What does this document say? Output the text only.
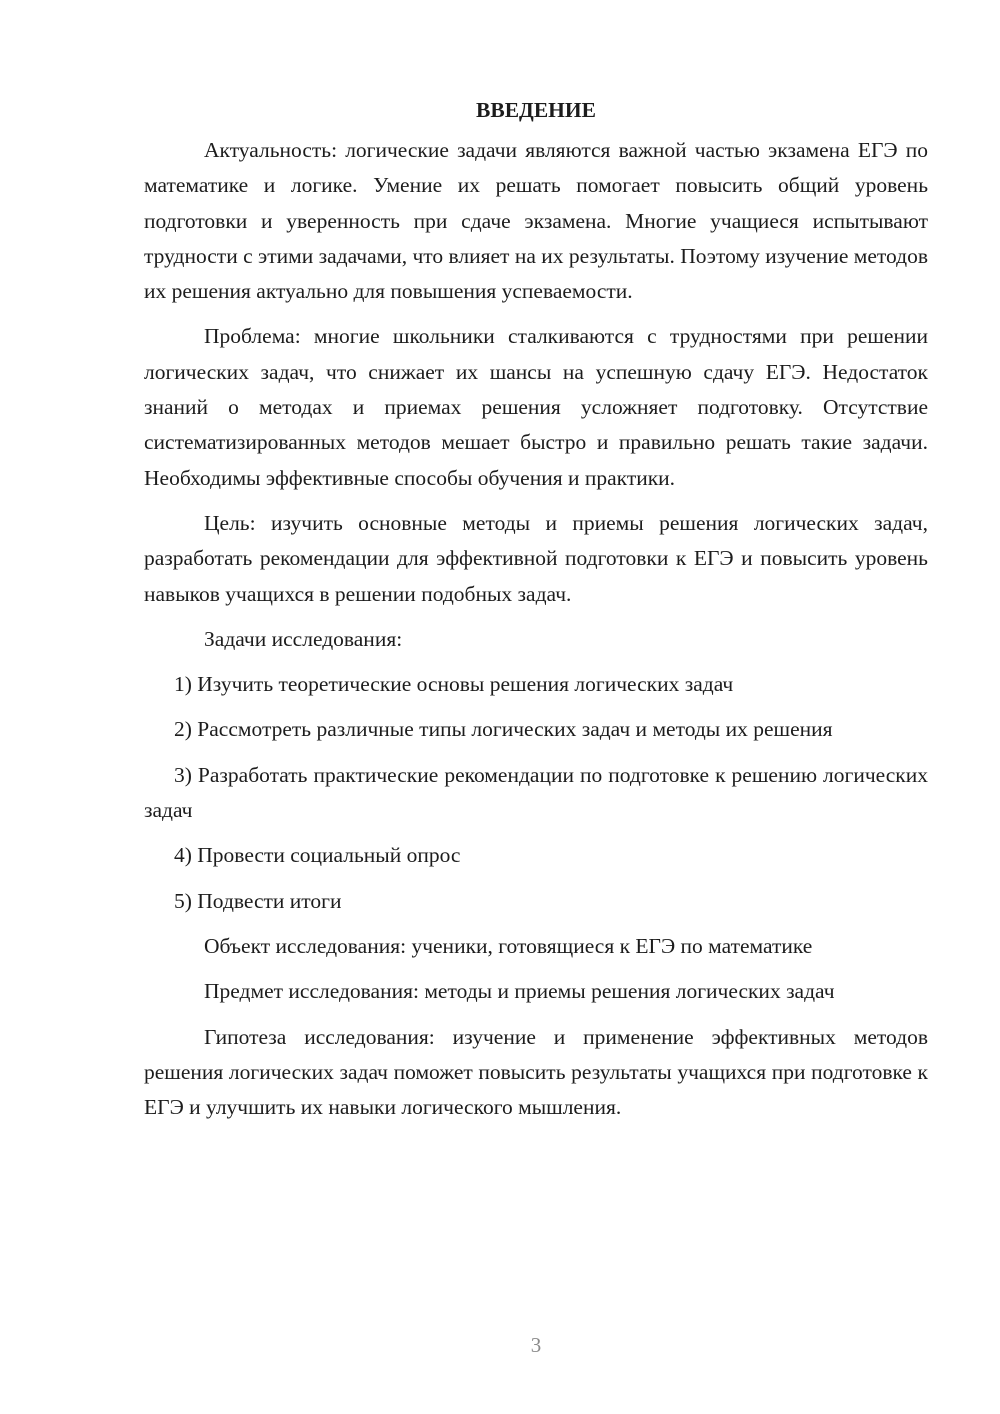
ВВЕДЕНИЕ

Актуальность: логические задачи являются важной частью экзамена ЕГЭ по математике и логике. Умение их решать помогает повысить общий уровень подготовки и уверенность при сдаче экзамена. Многие учащиеся испытывают трудности с этими задачами, что влияет на их результаты. Поэтому изучение методов их решения актуально для повышения успеваемости.

Проблема: многие школьники сталкиваются с трудностями при решении логических задач, что снижает их шансы на успешную сдачу ЕГЭ. Недостаток знаний о методах и приемах решения усложняет подготовку. Отсутствие систематизированных методов мешает быстро и правильно решать такие задачи. Необходимы эффективные способы обучения и практики.

Цель: изучить основные методы и приемы решения логических задач, разработать рекомендации для эффективной подготовки к ЕГЭ и повысить уровень навыков учащихся в решении подобных задач.

Задачи исследования:

1) Изучить теоретические основы решения логических задач

2) Рассмотреть различные типы логических задач и методы их решения

3) Разработать практические рекомендации по подготовке к решению логических задач

4) Провести социальный опрос

5) Подвести итоги

Объект исследования: ученики, готовящиеся к ЕГЭ по математике

Предмет исследования: методы и приемы решения логических задач

Гипотеза исследования: изучение и применение эффективных методов решения логических задач поможет повысить результаты учащихся при подготовке к ЕГЭ и улучшить их навыки логического мышления.

3
